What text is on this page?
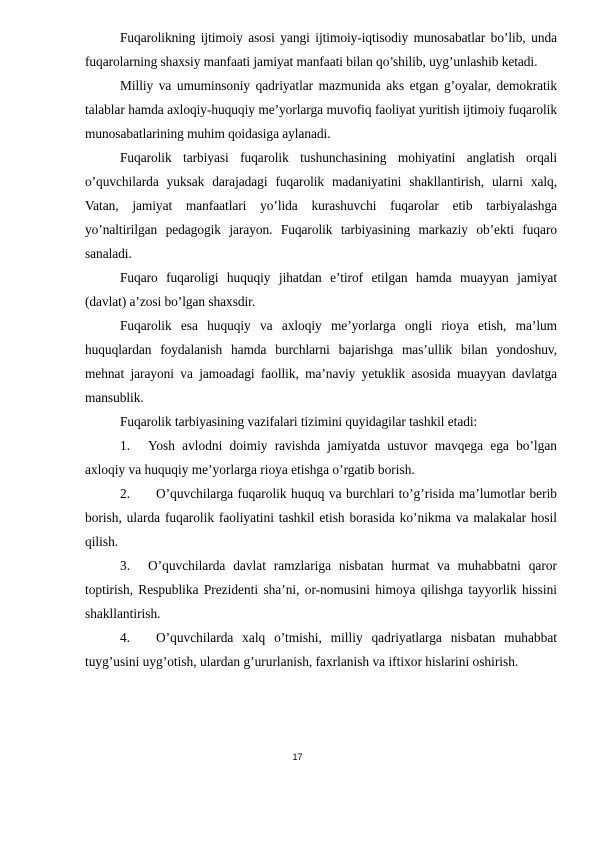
Fuqarolikning ijtimoiy asosi yangi ijtimoiy-iqtisodiy munosabatlar bo’lib, unda fuqarolarning shaxsiy manfaati jamiyat manfaati bilan qo’shilib, uyg’unlashib ketadi.

Milliy va umuminsoniy qadriyatlar mazmunida aks etgan g’oyalar, demokratik talablar hamda axloqiy-huquqiy me’yorlarga muvofiq faoliyat yuritish ijtimoiy fuqarolik munosabatlarining muhim qoidasiga aylanadi.

Fuqarolik tarbiyasi fuqarolik tushunchasining mohiyatini anglatish orqali o’quvchilarda yuksak darajadagi fuqarolik madaniyatini shakllantirish, ularni xalq, Vatan, jamiyat manfaatlari yo’lida kurashuvchi fuqarolar etib tarbiyalashga yo’naltirilgan pedagogik jarayon. Fuqarolik tarbiyasining markaziy ob’ekti fuqaro sanaladi.

Fuqaro fuqaroligi huquqiy jihatdan e’tirof etilgan hamda muayyan jamiyat (davlat) a’zosi bo’lgan shaxsdir.

Fuqarolik esa huquqiy va axloqiy me’yorlarga ongli rioya etish, ma’lum huquqlardan foydalanish hamda burchlarni bajarishga mas’ullik bilan yondoshuv, mehnat jarayoni va jamoadagi faollik, ma’naviy yetuklik asosida muayyan davlatga mansublik.

Fuqarolik tarbiyasining vazifalari tizimini quyidagilar tashkil etadi:

1. Yosh avlodni doimiy ravishda jamiyatda ustuvor mavqega ega bo’lgan axloqiy va huquqiy me’yorlarga rioya etishga o’rgatib borish.

2. O’quvchilarga fuqarolik huquq va burchlari to’g’risida ma’lumotlar berib borish, ularda fuqarolik faoliyatini tashkil etish borasida ko’nikma va malakalar hosil qilish.

3. O’quvchilarda davlat ramzlariga nisbatan hurmat va muhabbatni qaror toptirish, Respublika Prezidenti sha’ni, or-nomusini himoya qilishga tayyorlik hissini shakllantirish.

4. O’quvchilarda xalq o’tmishi, milliy qadriyatlarga nisbatan muhabbat tuyg’usini uyg’otish, ulardan g’ururlanish, faxrlanish va iftixor hislarini oshirish.

17
